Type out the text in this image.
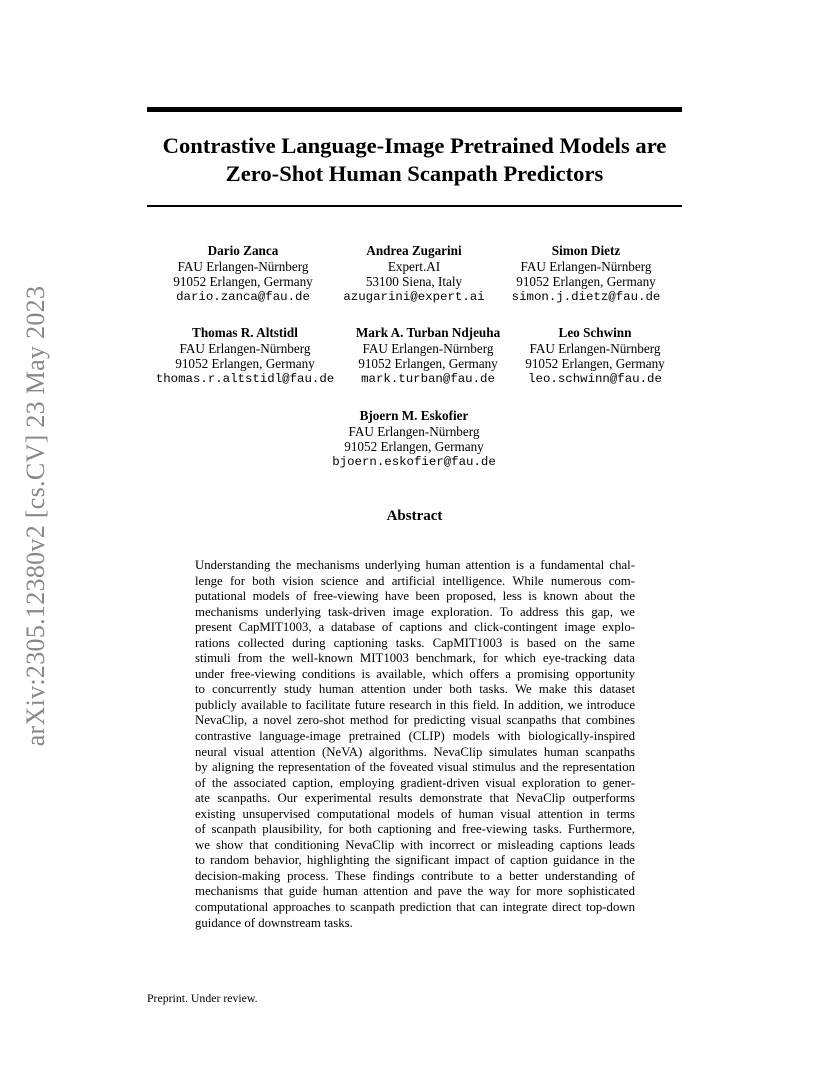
arXiv:2305.12380v2 [cs.CV] 23 May 2023
Contrastive Language-Image Pretrained Models are
Zero-Shot Human Scanpath Predictors
Dario Zanca
FAU Erlangen-Nürnberg
91052 Erlangen, Germany
dario.zanca@fau.de
Andrea Zugarini
Expert.AI
53100 Siena, Italy
azugarini@expert.ai
Simon Dietz
FAU Erlangen-Nürnberg
91052 Erlangen, Germany
simon.j.dietz@fau.de
Thomas R. Altstidl
FAU Erlangen-Nürnberg
91052 Erlangen, Germany
thomas.r.altstidl@fau.de
Mark A. Turban Ndjeuha
FAU Erlangen-Nürnberg
91052 Erlangen, Germany
mark.turban@fau.de
Leo Schwinn
FAU Erlangen-Nürnberg
91052 Erlangen, Germany
leo.schwinn@fau.de
Bjoern M. Eskofier
FAU Erlangen-Nürnberg
91052 Erlangen, Germany
bjoern.eskofier@fau.de
Abstract
Understanding the mechanisms underlying human attention is a fundamental chal-
lenge for both vision science and artificial intelligence. While numerous com-
putational models of free-viewing have been proposed, less is known about the
mechanisms underlying task-driven image exploration. To address this gap, we
present CapMIT1003, a database of captions and click-contingent image explo-
rations collected during captioning tasks. CapMIT1003 is based on the same
stimuli from the well-known MIT1003 benchmark, for which eye-tracking data
under free-viewing conditions is available, which offers a promising opportunity
to concurrently study human attention under both tasks. We make this dataset
publicly available to facilitate future research in this field. In addition, we introduce
NevaClip, a novel zero-shot method for predicting visual scanpaths that combines
contrastive language-image pretrained (CLIP) models with biologically-inspired
neural visual attention (NeVA) algorithms. NevaClip simulates human scanpaths
by aligning the representation of the foveated visual stimulus and the representation
of the associated caption, employing gradient-driven visual exploration to gener-
ate scanpaths. Our experimental results demonstrate that NevaClip outperforms
existing unsupervised computational models of human visual attention in terms
of scanpath plausibility, for both captioning and free-viewing tasks. Furthermore,
we show that conditioning NevaClip with incorrect or misleading captions leads
to random behavior, highlighting the significant impact of caption guidance in the
decision-making process. These findings contribute to a better understanding of
mechanisms that guide human attention and pave the way for more sophisticated
computational approaches to scanpath prediction that can integrate direct top-down
guidance of downstream tasks.
Preprint. Under review.
